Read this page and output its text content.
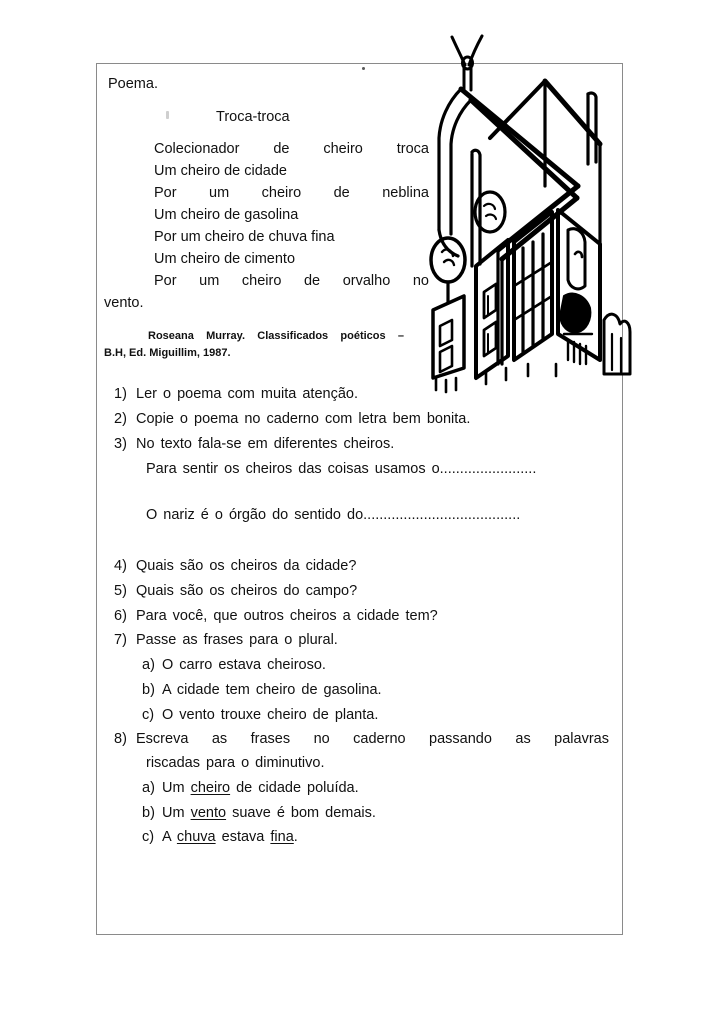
Poema.
Troca-troca
Colecionador de cheiro troca
Um cheiro de cidade
Por um cheiro de neblina
Um cheiro de gasolina
Por um cheiro de chuva fina
Um cheiro de cimento
Por um cheiro de orvalho no
vento.
Roseana Murray. Classificados poéticos –
B.H, Ed. Miguillim, 1987.
1) Ler o poema com muita atenção.
2) Copie o poema no caderno com letra bem bonita.
3) No texto fala-se em diferentes cheiros.
Para sentir os cheiros das coisas usamos o........................
O nariz é o órgão do sentido do.......................................
4) Quais são os cheiros da cidade?
5) Quais são os cheiros do campo?
6) Para você, que outros cheiros a cidade tem?
7) Passe as frases para o plural.
a) O carro estava cheiroso.
b) A cidade tem cheiro de gasolina.
c) O vento trouxe cheiro de planta.
8) Escreva as frases no caderno passando as palavras
riscadas para o diminutivo.
a) Um cheiro de cidade poluída.
b) Um vento suave é bom demais.
c) A chuva estava fina.
